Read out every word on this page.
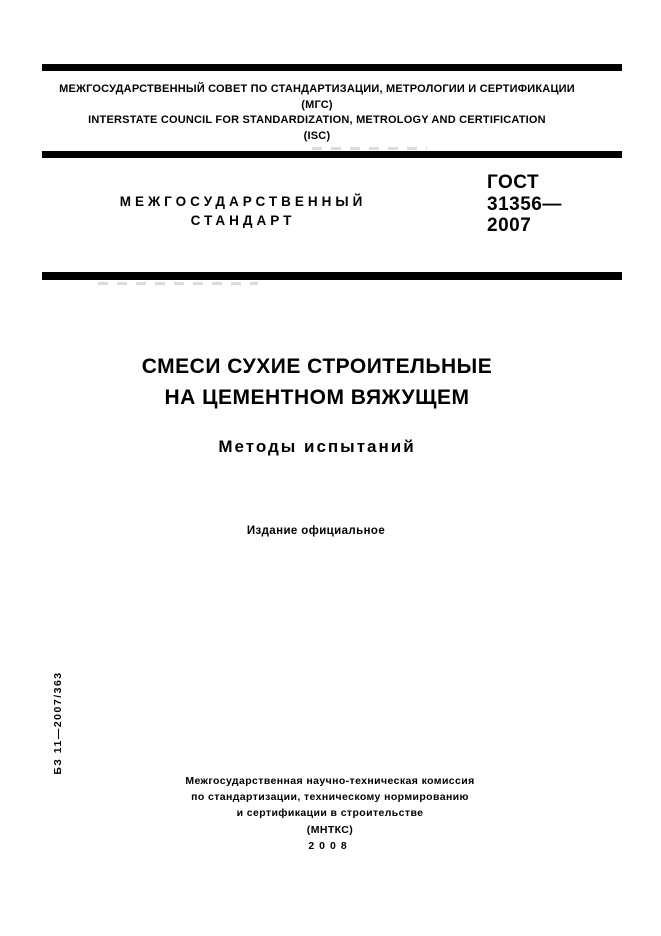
МЕЖГОСУДАРСТВЕННЫЙ СОВЕТ ПО СТАНДАРТИЗАЦИИ, МЕТРОЛОГИИ И СЕРТИФИКАЦИИ
(МГС)
INTERSTATE COUNCIL FOR STANDARDIZATION, METROLOGY AND CERTIFICATION
(ISC)
МЕЖГОСУДАРСТВЕННЫЙ
СТАНДАРТ
ГОСТ
31356—
2007
СМЕСИ СУХИЕ СТРОИТЕЛЬНЫЕ
НА ЦЕМЕНТНОМ ВЯЖУЩЕМ
Методы испытаний
Издание официальное
БЗ 11—2007/363
Межгосударственная научно-техническая комиссия
по стандартизации, техническому нормированию
и сертификации в строительстве
(МНТКС)
2008
